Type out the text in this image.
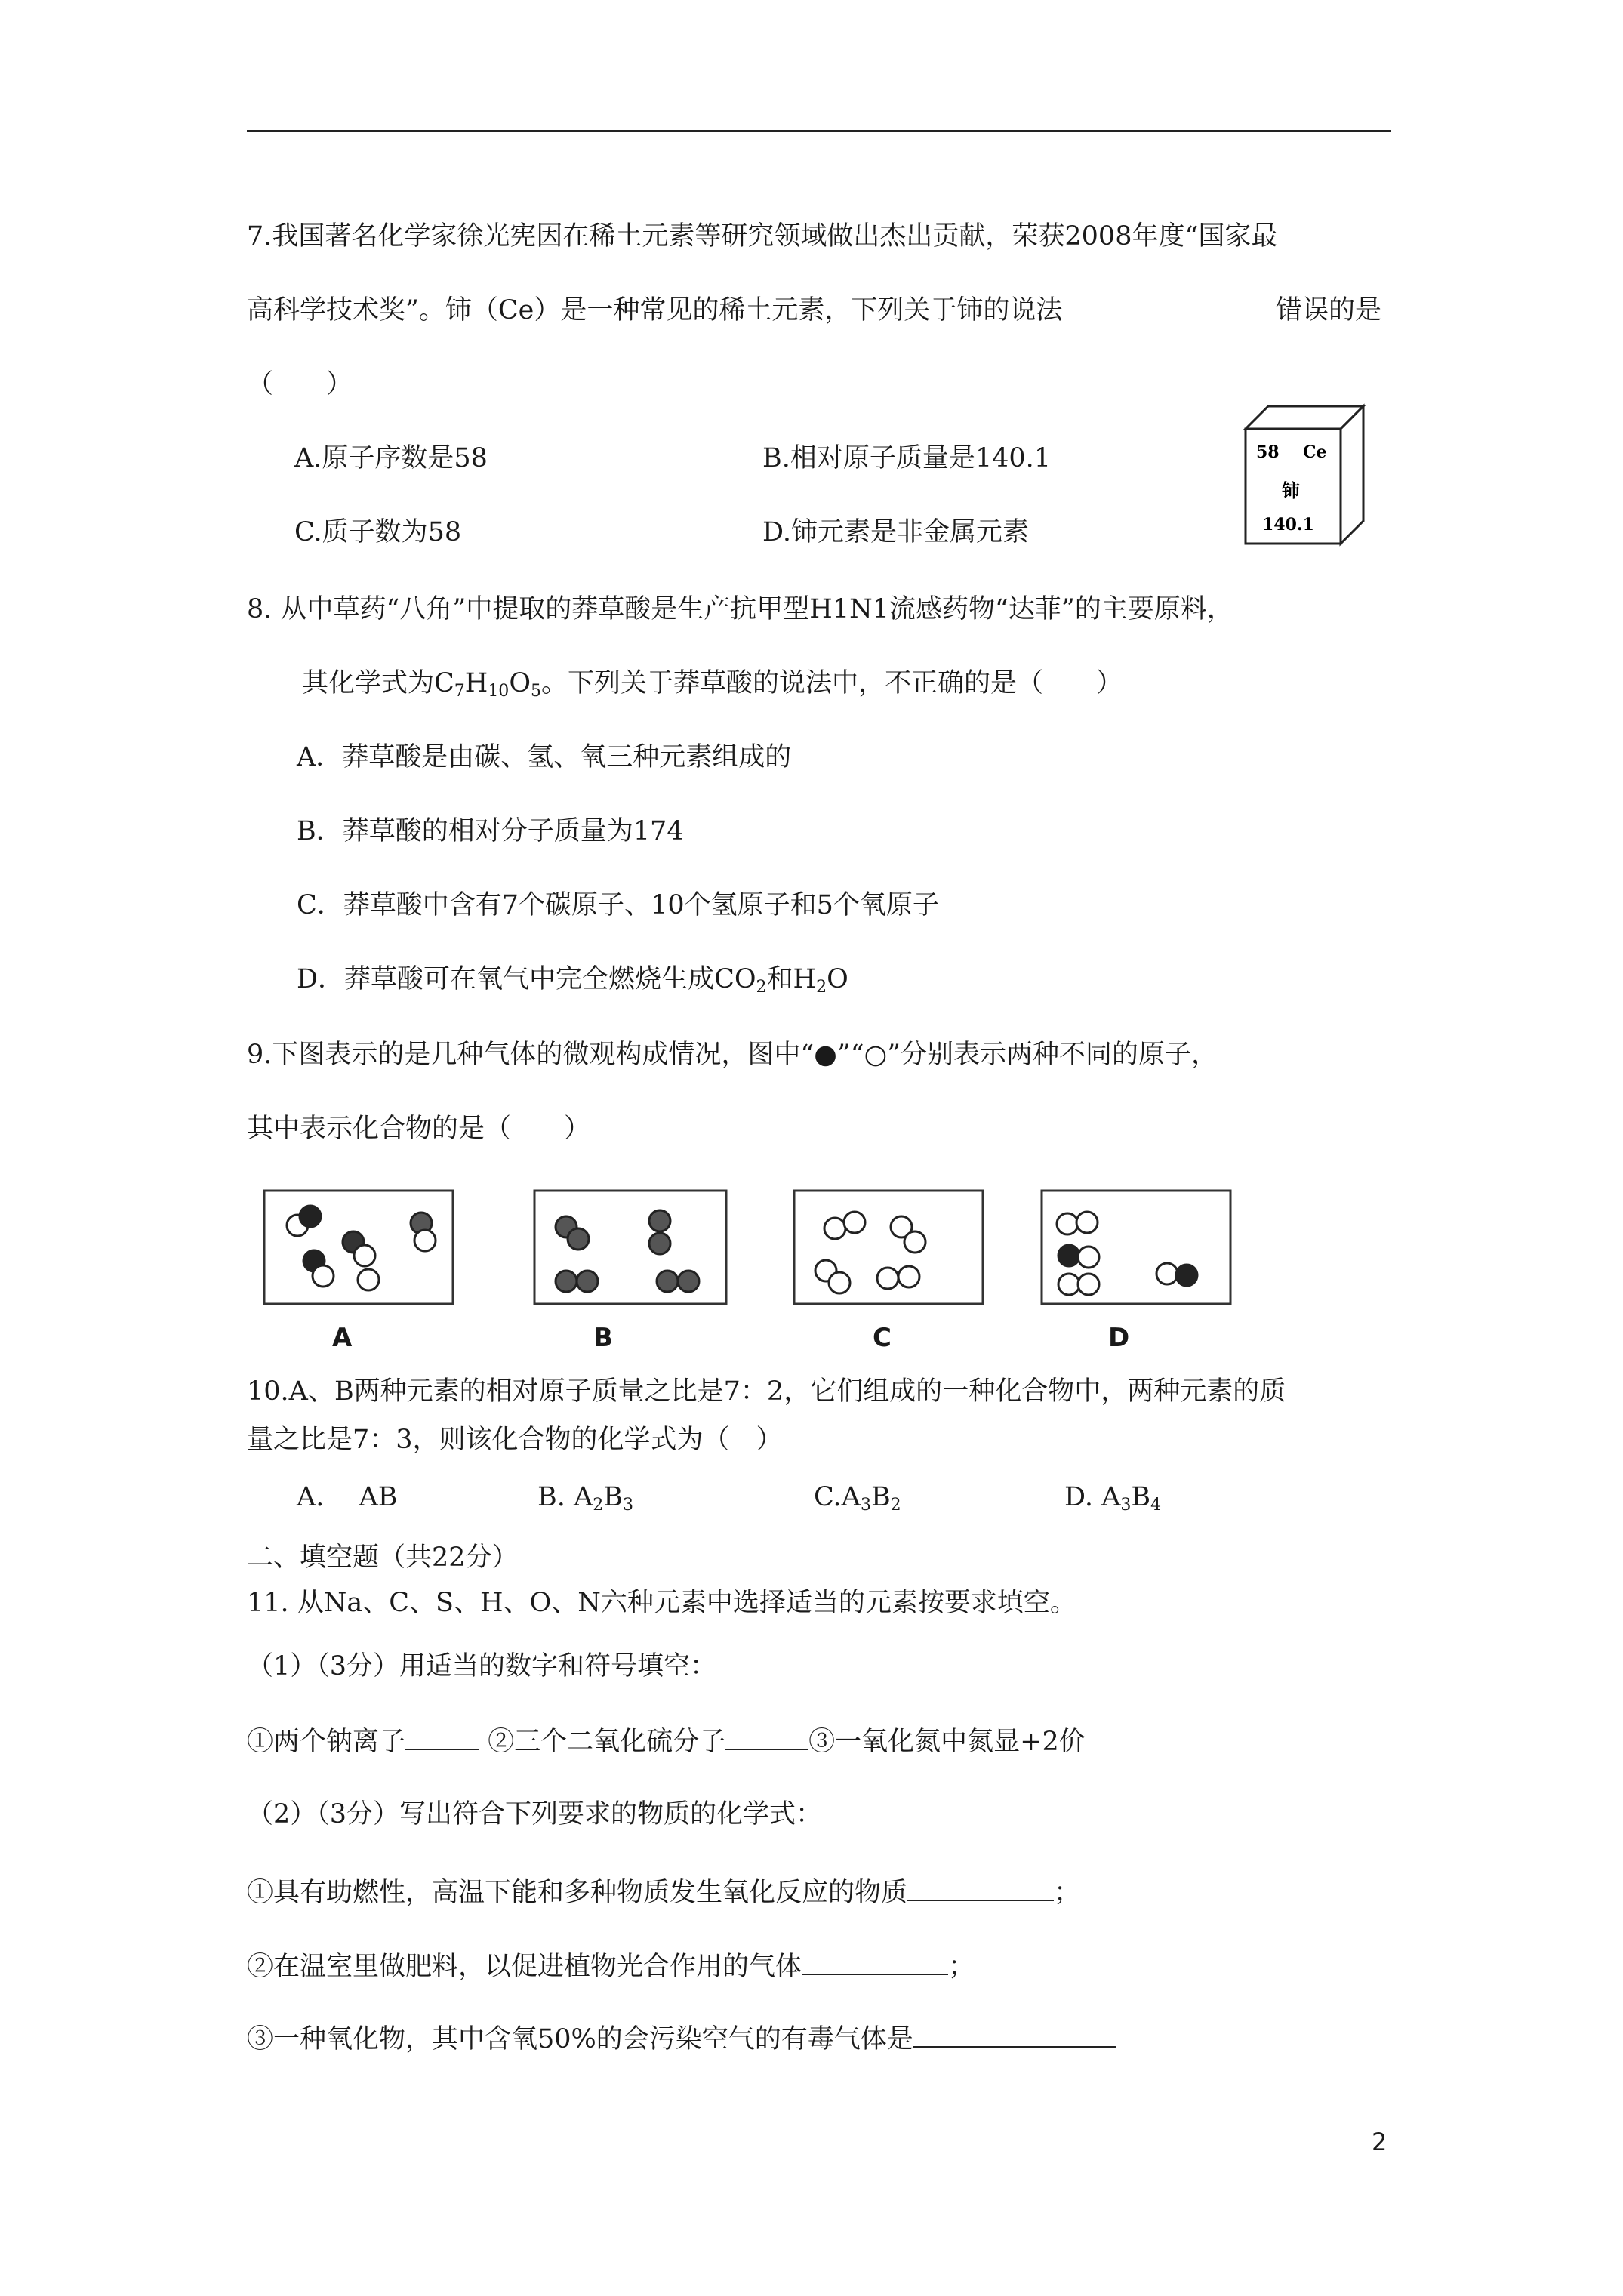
7.我国著名化学家徐光宪因在稀土元素等研究领域做出杰出贡献，荣获2008年度“国家最
高科学技术奖”。铈（Ce）是一种常见的稀土元素，下列关于铈的说法	错误的是
（　　）
A.原子序数是58	B.相对原子质量是140.1
C.质子数为58	D.铈元素是非金属元素
58 Ce
铈
140.1
8. 从中草药“八角”中提取的莽草酸是生产抗甲型H1N1流感药物“达菲”的主要原料，
其化学式为$C_7H_{10}O_5$。下列关于莽草酸的说法中，不正确的是（　　）
A．莽草酸是由碳、氢、氧三种元素组成的
B．莽草酸的相对分子质量为174
C．莽草酸中含有7个碳原子、10个氢原子和5个氧原子
D．莽草酸可在氧气中完全燃烧生成$CO_2$和$H_2O$
9.下图表示的是几种气体的微观构成情况，图中“●”“○”分别表示两种不同的原子，
其中表示化合物的是（　　）
A	B	C	D
10.A、B两种元素的相对原子质量之比是7：2，它们组成的一种化合物中，两种元素的质
量之比是7：3，则该化合物的化学式为（　）
A.　 AB	B. $A_2B_3$	$C.A_3B_2$	D. $A_3B_4$
二、填空题（共22分）
11. 从Na、C、S、H、O、N六种元素中选择适当的元素按要求填空。
（1）（3分）用适当的数字和符号填空：
①两个钠离子	②三个二氧化硫分子	③一氧化氮中氮显+2价
（2）（3分）写出符合下列要求的物质的化学式：
①具有助燃性，高温下能和多种物质发生氧化反应的物质	；
②在温室里做肥料，以促进植物光合作用的气体	；
③一种氧化物，其中含氧50%的会污染空气的有毒气体是
2
